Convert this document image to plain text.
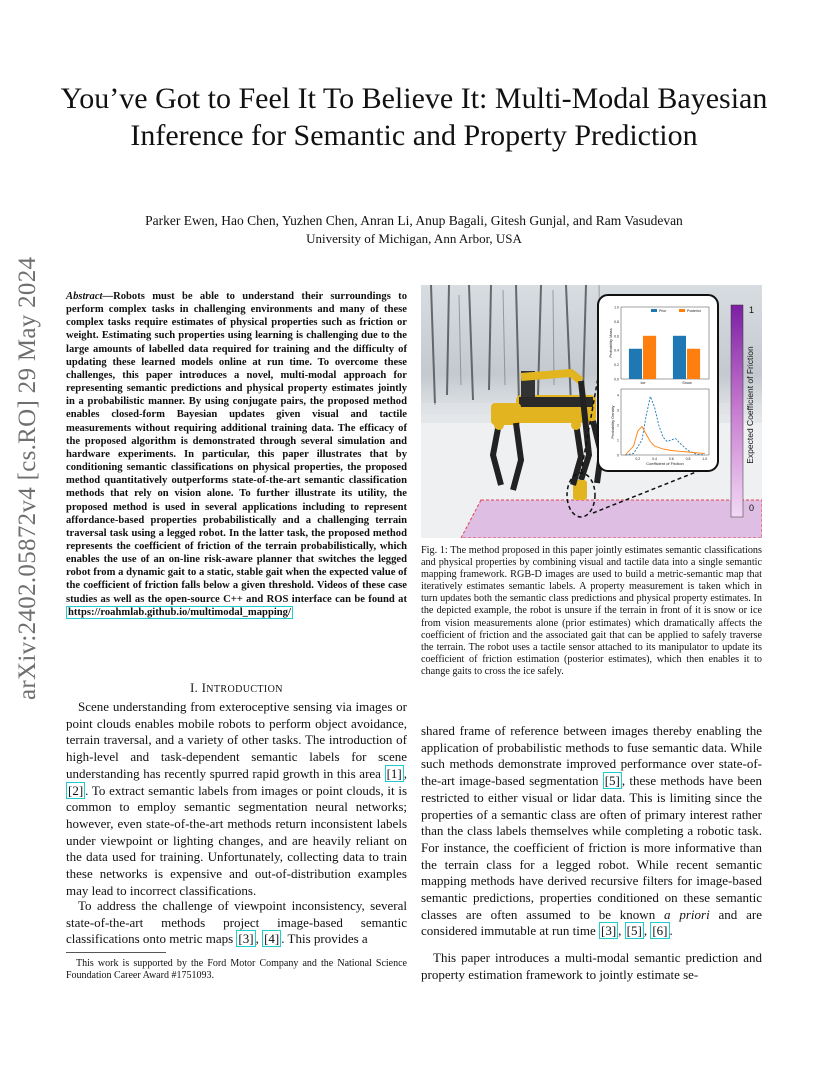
arXiv:2402.05872v4 [cs.RO] 29 May 2024
You’ve Got to Feel It To Believe It: Multi-Modal Bayesian Inference for Semantic and Property Prediction
Parker Ewen, Hao Chen, Yuzhen Chen, Anran Li, Anup Bagali, Gitesh Gunjal, and Ram Vasudevan
University of Michigan, Ann Arbor, USA
Abstract—Robots must be able to understand their surroundings to perform complex tasks in challenging environments and many of these complex tasks require estimates of physical properties such as friction or weight. Estimating such properties using learning is challenging due to the large amounts of labelled data required for training and the difficulty of updating these learned models online at run time. To overcome these challenges, this paper introduces a novel, multi-modal approach for representing semantic predictions and physical property estimates jointly in a probabilistic manner. By using conjugate pairs, the proposed method enables closed-form Bayesian updates given visual and tactile measurements without requiring additional training data. The efficacy of the proposed algorithm is demonstrated through several simulation and hardware experiments. In particular, this paper illustrates that by conditioning semantic classifications on physical properties, the proposed method quantitatively outperforms state-of-the-art semantic classification methods that rely on vision alone. To further illustrate its utility, the proposed method is used in several applications including to represent affordance-based properties probabilistically and a challenging terrain traversal task using a legged robot. In the latter task, the proposed method represents the coefficient of friction of the terrain probabilistically, which enables the use of an on-line risk-aware planner that switches the legged robot from a dynamic gait to a static, stable gait when the expected value of the coefficient of friction falls below a given threshold. Videos of these case studies as well as the open-source C++ and ROS interface can be found at https://roahmlab.github.io/multimodal_mapping/
I. INTRODUCTION
Scene understanding from exteroceptive sensing via images or point clouds enables mobile robots to perform object avoidance, terrain traversal, and a variety of other tasks. The introduction of high-level and task-dependent semantic labels for scene understanding has recently spurred rapid growth in this area [1] , [2] . To extract semantic labels from images or point clouds, it is common to employ semantic segmentation neural networks; however, even state-of-the-art methods return inconsistent labels under viewpoint or lighting changes, and are heavily reliant on the data used for training. Unfortunately, collecting data to train these networks is expensive and out-of-distribution examples may lead to incorrect classifications.
To address the challenge of viewpoint inconsistency, several state-of-the-art methods project image-based semantic classifications onto metric maps [3] , [4] . This provides a
This work is supported by the Ford Motor Company and the National Science Foundation Career Award #1751093.
0.0
0.2
0.4
0.6
0.8
1.0
Probability Mass
Ice	Snow
Prior	Posterior
0.2	0.4	0.6	0.8	1.0
0
1
2
3
4
Coefficient of Friction
Probability Density
1
0
Expected Coefficient of Friction
Fig. 1: The method proposed in this paper jointly estimates semantic classifications and physical properties by combining visual and tactile data into a single semantic mapping framework. RGB-D images are used to build a metric-semantic map that iteratively estimates semantic labels. A property measurement is taken which in turn updates both the semantic class predictions and physical property estimates. In the depicted example, the robot is unsure if the terrain in front of it is snow or ice from vision measurements alone (prior estimates) which dramatically affects the coefficient of friction and the associated gait that can be applied to safely traverse the terrain. The robot uses a tactile sensor attached to its manipulator to update its coefficient of friction estimation (posterior estimates), which then enables it to change gaits to cross the ice safely.
shared frame of reference between images thereby enabling the application of probabilistic methods to fuse semantic data. While such methods demonstrate improved performance over state-of-the-art image-based segmentation [5] , these methods have been restricted to either visual or lidar data. This is limiting since the properties of a semantic class are often of primary interest rather than the class labels themselves while completing a robotic task. For instance, the coefficient of friction is more informative than the terrain class for a legged robot. While recent semantic mapping methods have derived recursive filters for image-based semantic predictions, properties conditioned on these semantic classes are often assumed to be known a priori and are considered immutable at run time [3] , [5] , [6] .
This paper introduces a multi-modal semantic prediction and property estimation framework to jointly estimate se-
